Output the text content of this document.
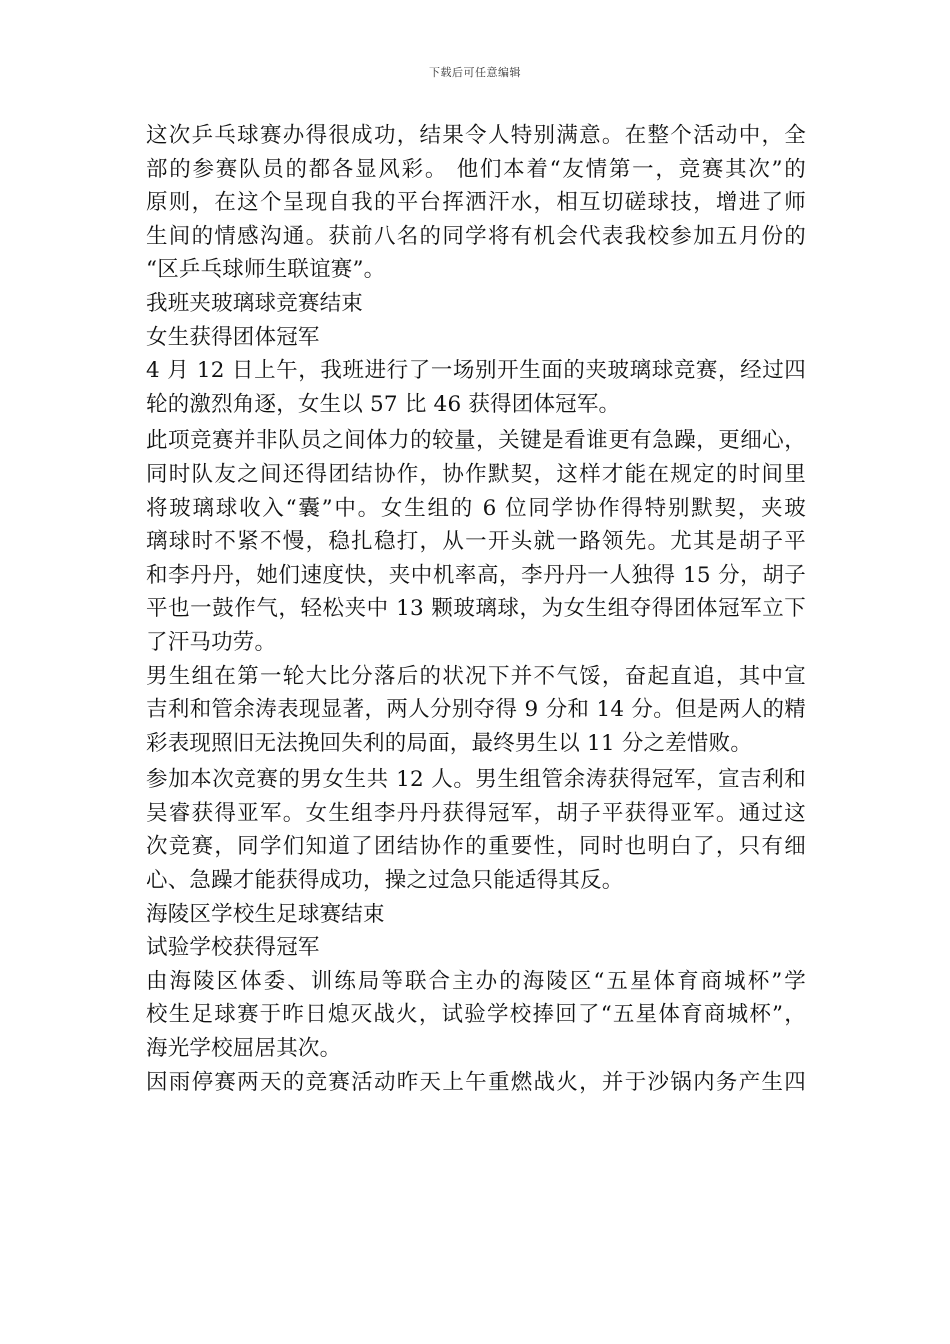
下载后可任意编辑
这次乒乓球赛办得很成功，结果令人特别满意。在整个活动中，全
部的参赛队员的都各显风彩。 他们本着“友情第一，竞赛其次”的
原则，在这个呈现自我的平台挥洒汗水，相互切磋球技，增进了师
生间的情感沟通。获前八名的同学将有机会代表我校参加五月份的
“区乒乓球师生联谊赛”。
我班夹玻璃球竞赛结束
女生获得团体冠军
4 月 12 日上午，我班进行了一场别开生面的夹玻璃球竞赛，经过四
轮的激烈角逐，女生以 57 比 46 获得团体冠军。
此项竞赛并非队员之间体力的较量，关键是看谁更有急躁，更细心，
同时队友之间还得团结协作，协作默契，这样才能在规定的时间里
将玻璃球收入“囊”中。女生组的 6 位同学协作得特别默契，夹玻
璃球时不紧不慢，稳扎稳打，从一开头就一路领先。尤其是胡子平
和李丹丹，她们速度快，夹中机率高，李丹丹一人独得 15 分，胡子
平也一鼓作气，轻松夹中 13 颗玻璃球，为女生组夺得团体冠军立下
了汗马功劳。
男生组在第一轮大比分落后的状况下并不气馁，奋起直追，其中宣
吉利和管余涛表现显著，两人分别夺得 9 分和 14 分。但是两人的精
彩表现照旧无法挽回失利的局面，最终男生以 11 分之差惜败。
参加本次竞赛的男女生共 12 人。男生组管余涛获得冠军，宣吉利和
吴睿获得亚军。女生组李丹丹获得冠军，胡子平获得亚军。通过这
次竞赛，同学们知道了团结协作的重要性，同时也明白了，只有细
心、急躁才能获得成功，操之过急只能适得其反。
海陵区学校生足球赛结束
试验学校获得冠军
由海陵区体委、训练局等联合主办的海陵区“五星体育商城杯”学
校生足球赛于昨日熄灭战火，试验学校捧回了“五星体育商城杯”，
海光学校屈居其次。
因雨停赛两天的竞赛活动昨天上午重燃战火，并于沙锅内务产生四
